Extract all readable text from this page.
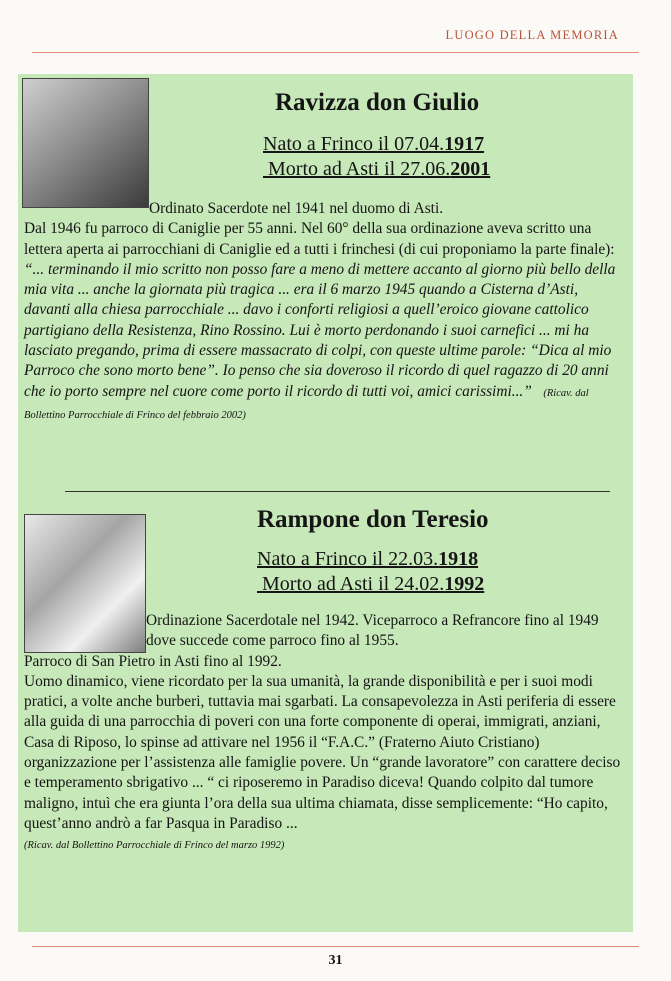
LUOGO DELLA MEMORIA
Ravizza don Giulio
Nato a Frinco il 07.04.1917
Morto ad Asti il 27.06.2001
Ordinato Sacerdote nel 1941 nel duomo di Asti.
Dal 1946 fu parroco di Caniglie per 55 anni. Nel 60° della sua ordinazione aveva scritto una lettera aperta ai parrocchiani di Caniglie ed a tutti i frinchesi (di cui proponiamo la parte finale): “... terminando il mio scritto non posso fare a meno di mettere accanto al giorno più bello della mia vita ... anche la giornata più tragica ... era il 6 marzo 1945 quando a Cisterna d’Asti, davanti alla chiesa parrocchiale ... davo i conforti religiosi a quell’eroico giovane cattolico partigiano della Resistenza, Rino Rossino. Lui è morto perdonando i suoi carnefici ... mi ha lasciato pregando, prima di essere massacrato di colpi, con queste ultime parole: “Dica al mio Parroco che sono morto bene”. Io penso che sia doveroso il ricordo di quel ragazzo di 20 anni che io porto sempre nel cuore come porto il ricordo di tutti voi, amici carissimi...” (Ricav. dal Bollettino Parrocchiale di Frinco del febbraio 2002)
Rampone don Teresio
Nato a Frinco il 22.03.1918
Morto ad Asti il 24.02.1992
Ordinazione Sacerdotale nel 1942. Viceparroco a Refrancore fino al 1949 dove succede come parroco fino al 1955.
Parroco di San Pietro in Asti fino al 1992.
Uomo dinamico, viene ricordato per la sua umanità, la grande disponibilità e per i suoi modi pratici, a volte anche burberi, tuttavia mai sgarbati. La consapevolezza in Asti periferia di essere alla guida di una parrocchia di poveri con una forte componente di operai, immigrati, anziani, Casa di Riposo, lo spinse ad attivare nel 1956 il “F.A.C.” (Fraterno Aiuto Cristiano) organizzazione per l’assistenza alle famiglie povere. Un “grande lavoratore” con carattere deciso e temperamento sbrigativo ... “ ci riposeremo in Paradiso diceva! Quando colpito dal tumore maligno, intuì che era giunta l’ora della sua ultima chiamata, disse semplicemente: “Ho capito, quest’anno andrò a far Pasqua in Paradiso ...
(Ricav. dal Bollettino Parrocchiale di Frinco del marzo 1992)
31
